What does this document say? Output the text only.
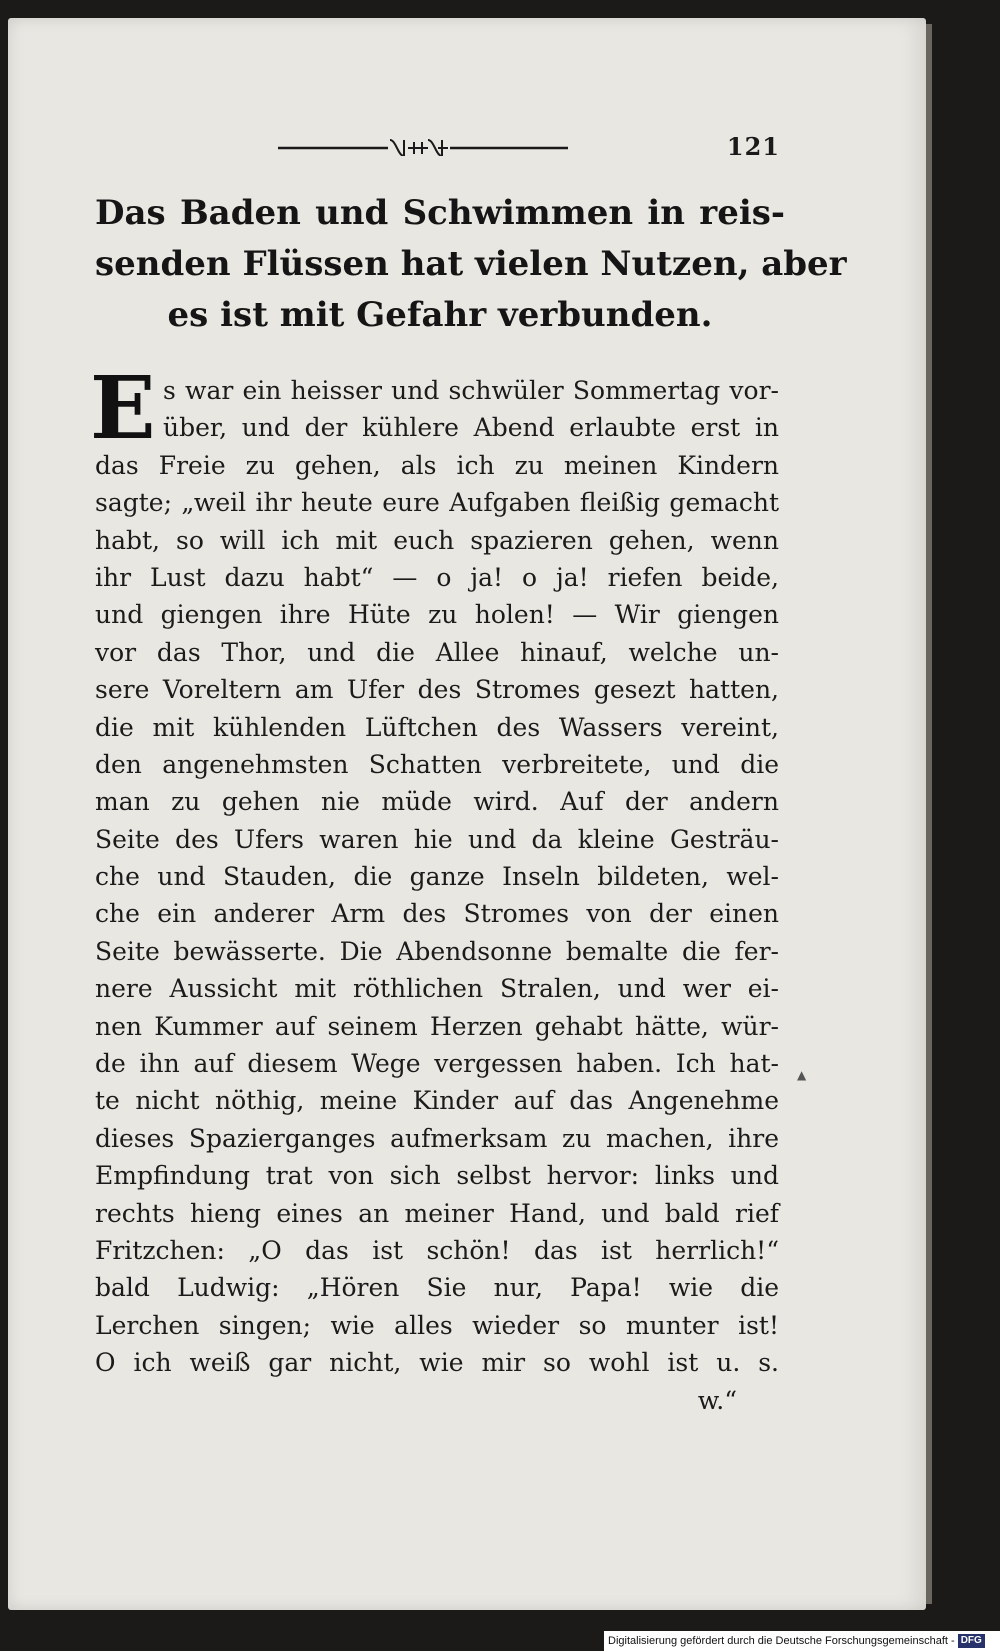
121
Das Baden und Schwimmen in reis-
senden Flüssen hat vielen Nutzen, aber
es ist mit Gefahr verbunden.
E s war ein heisser und schwüler Sommertag vor-
über, und der kühlere Abend erlaubte erst in
das Freie zu gehen, als ich zu meinen Kindern
sagte; „weil ihr heute eure Aufgaben fleißig gemacht
habt, so will ich mit euch spazieren gehen, wenn
ihr Lust dazu habt“ — o ja! o ja! riefen beide,
und giengen ihre Hüte zu holen! — Wir giengen
vor das Thor, und die Allee hinauf, welche un-
sere Voreltern am Ufer des Stromes gesezt hatten,
die mit kühlenden Lüftchen des Wassers vereint,
den angenehmsten Schatten verbreitete, und die
man zu gehen nie müde wird. Auf der andern
Seite des Ufers waren hie und da kleine Gesträu-
che und Stauden, die ganze Inseln bildeten, wel-
che ein anderer Arm des Stromes von der einen
Seite bewässerte. Die Abendsonne bemalte die fer-
nere Aussicht mit röthlichen Stralen, und wer ei-
nen Kummer auf seinem Herzen gehabt hätte, wür-
de ihn auf diesem Wege vergessen haben. Ich hat-
te nicht nöthig, meine Kinder auf das Angenehme
dieses Spazierganges aufmerksam zu machen, ihre
Empfindung trat von sich selbst hervor: links und
rechts hieng eines an meiner Hand, und bald rief
Fritzchen: „O das ist schön! das ist herrlich!“
bald Ludwig: „Hören Sie nur, Papa! wie die
Lerchen singen; wie alles wieder so munter ist!
O ich weiß gar nicht, wie mir so wohl ist u. s.
w.“
▲
Digitalisierung gefördert durch die Deutsche Forschungsgemeinschaft - DFG
